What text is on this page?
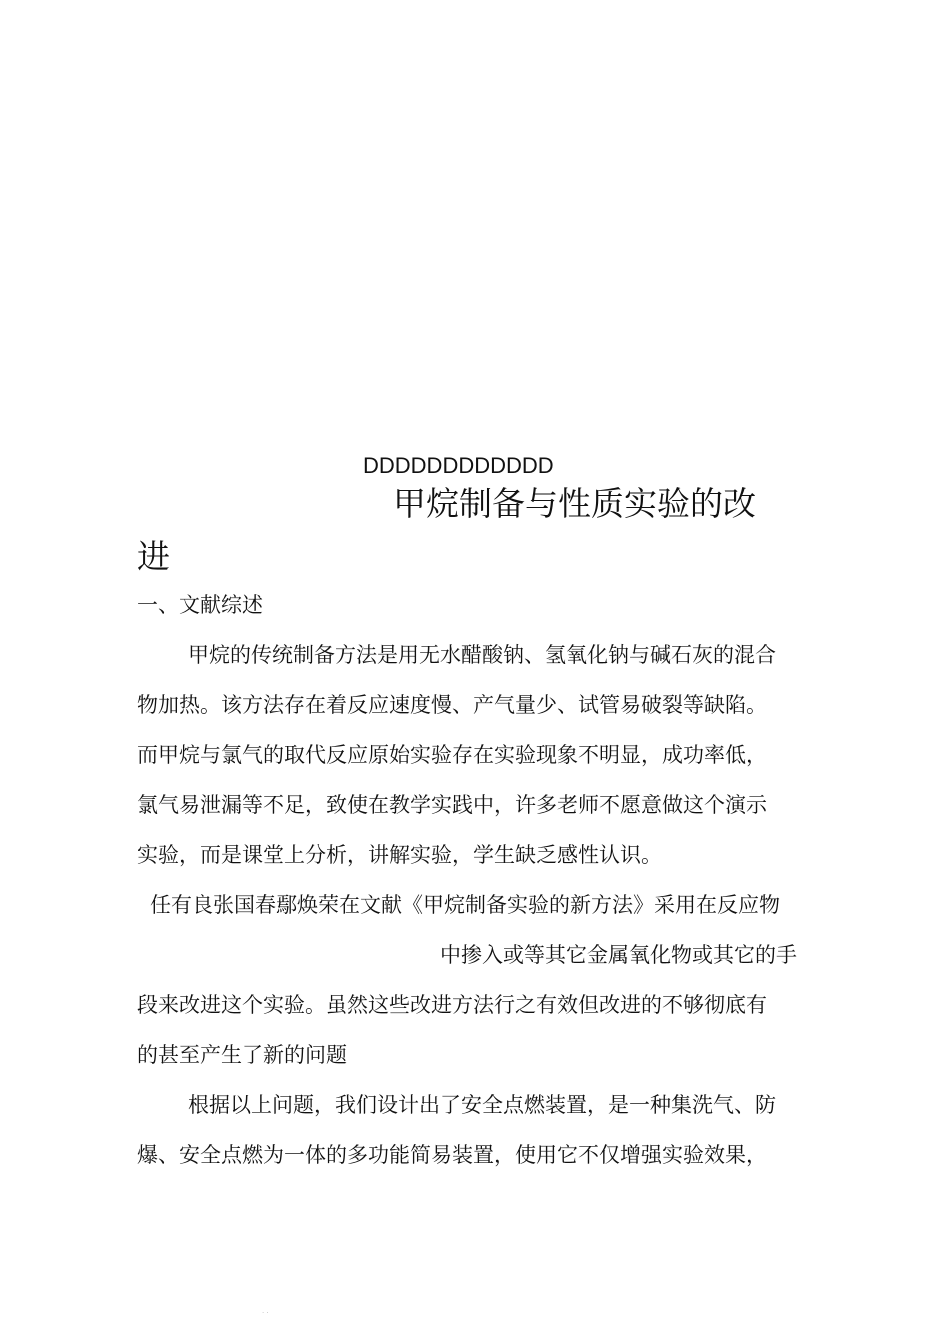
DDDDDDDDDDDD
甲烷制备与性质实验的改
进
一、文献综述
甲烷的传统制备方法是用无水醋酸钠、氢氧化钠与碱石灰的混合
物加热。该方法存在着反应速度慢、产气量少、试管易破裂等缺陷。
而甲烷与氯气的取代反应原始实验存在实验现象不明显，成功率低，
氯气易泄漏等不足，致使在教学实践中，许多老师不愿意做这个演示
实验，而是课堂上分析，讲解实验，学生缺乏感性认识。
任有良张国春鄢焕荣在文献《甲烷制备实验的新方法》采用在反应物
中掺入或等其它金属氧化物或其它的手
段来改进这个实验。虽然这些改进方法行之有效但改进的不够彻底有
的甚至产生了新的问题
根据以上问题，我们设计出了安全点燃装置，是一种集洗气、防
爆、安全点燃为一体的多功能简易装置，使用它不仅增强实验效果，
. .
